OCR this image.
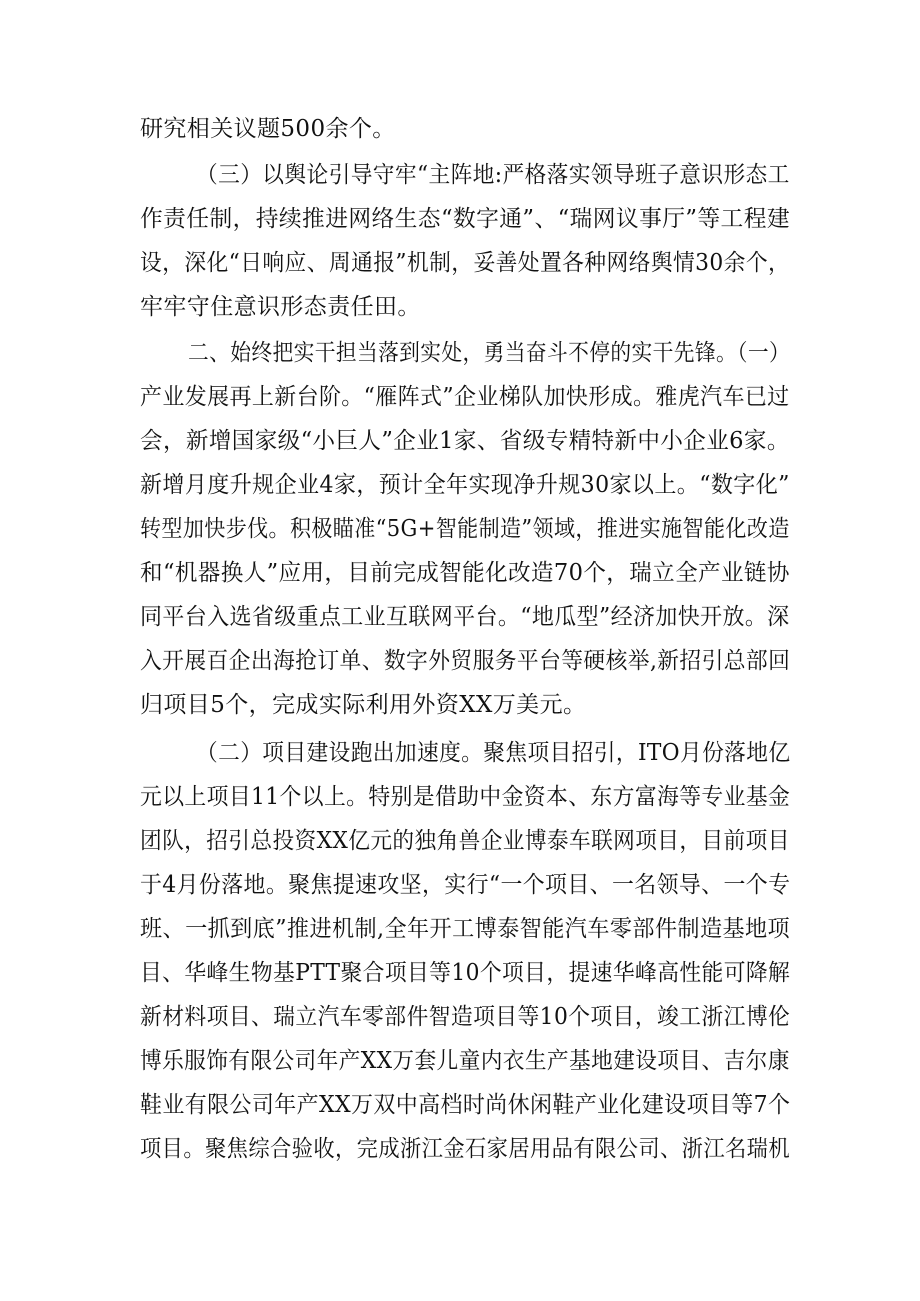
研究相关议题500余个。
（三）以舆论引导守牢“主阵地:严格落实领导班子意识形态工
作责任制，持续推进网络生态“数字通”、“瑞网议事厅”等工程建
设，深化“日响应、周通报”机制，妥善处置各种网络舆情30余个，
牢牢守住意识形态责任田。
二、始终把实干担当落到实处，勇当奋斗不停的实干先锋。（一）
产业发展再上新台阶。“雁阵式”企业梯队加快形成。雅虎汽车已过
会，新增国家级“小巨人”企业1家、省级专精特新中小企业6家。
新增月度升规企业4家，预计全年实现净升规30家以上。“数字化”
转型加快步伐。积极瞄准“5G+智能制造”领域，推进实施智能化改造
和“机器换人”应用，目前完成智能化改造70个，瑞立全产业链协
同平台入选省级重点工业互联网平台。“地瓜型”经济加快开放。深
入开展百企出海抢订单、数字外贸服务平台等硬核举,新招引总部回
归项目5个，完成实际利用外资XX万美元。
（二）项目建设跑出加速度。聚焦项目招引，ITO月份落地亿
元以上项目11个以上。特别是借助中金资本、东方富海等专业基金
团队，招引总投资XX亿元的独角兽企业博泰车联网项目，目前项目
于4月份落地。聚焦提速攻坚，实行“一个项目、一名领导、一个专
班、一抓到底”推进机制,全年开工博泰智能汽车零部件制造基地项
目、华峰生物基PTT聚合项目等10个项目，提速华峰高性能可降解
新材料项目、瑞立汽车零部件智造项目等10个项目，竣工浙江博伦
博乐服饰有限公司年产XX万套儿童内衣生产基地建设项目、吉尔康
鞋业有限公司年产XX万双中高档时尚休闲鞋产业化建设项目等7个
项目。聚焦综合验收，完成浙江金石家居用品有限公司、浙江名瑞机
